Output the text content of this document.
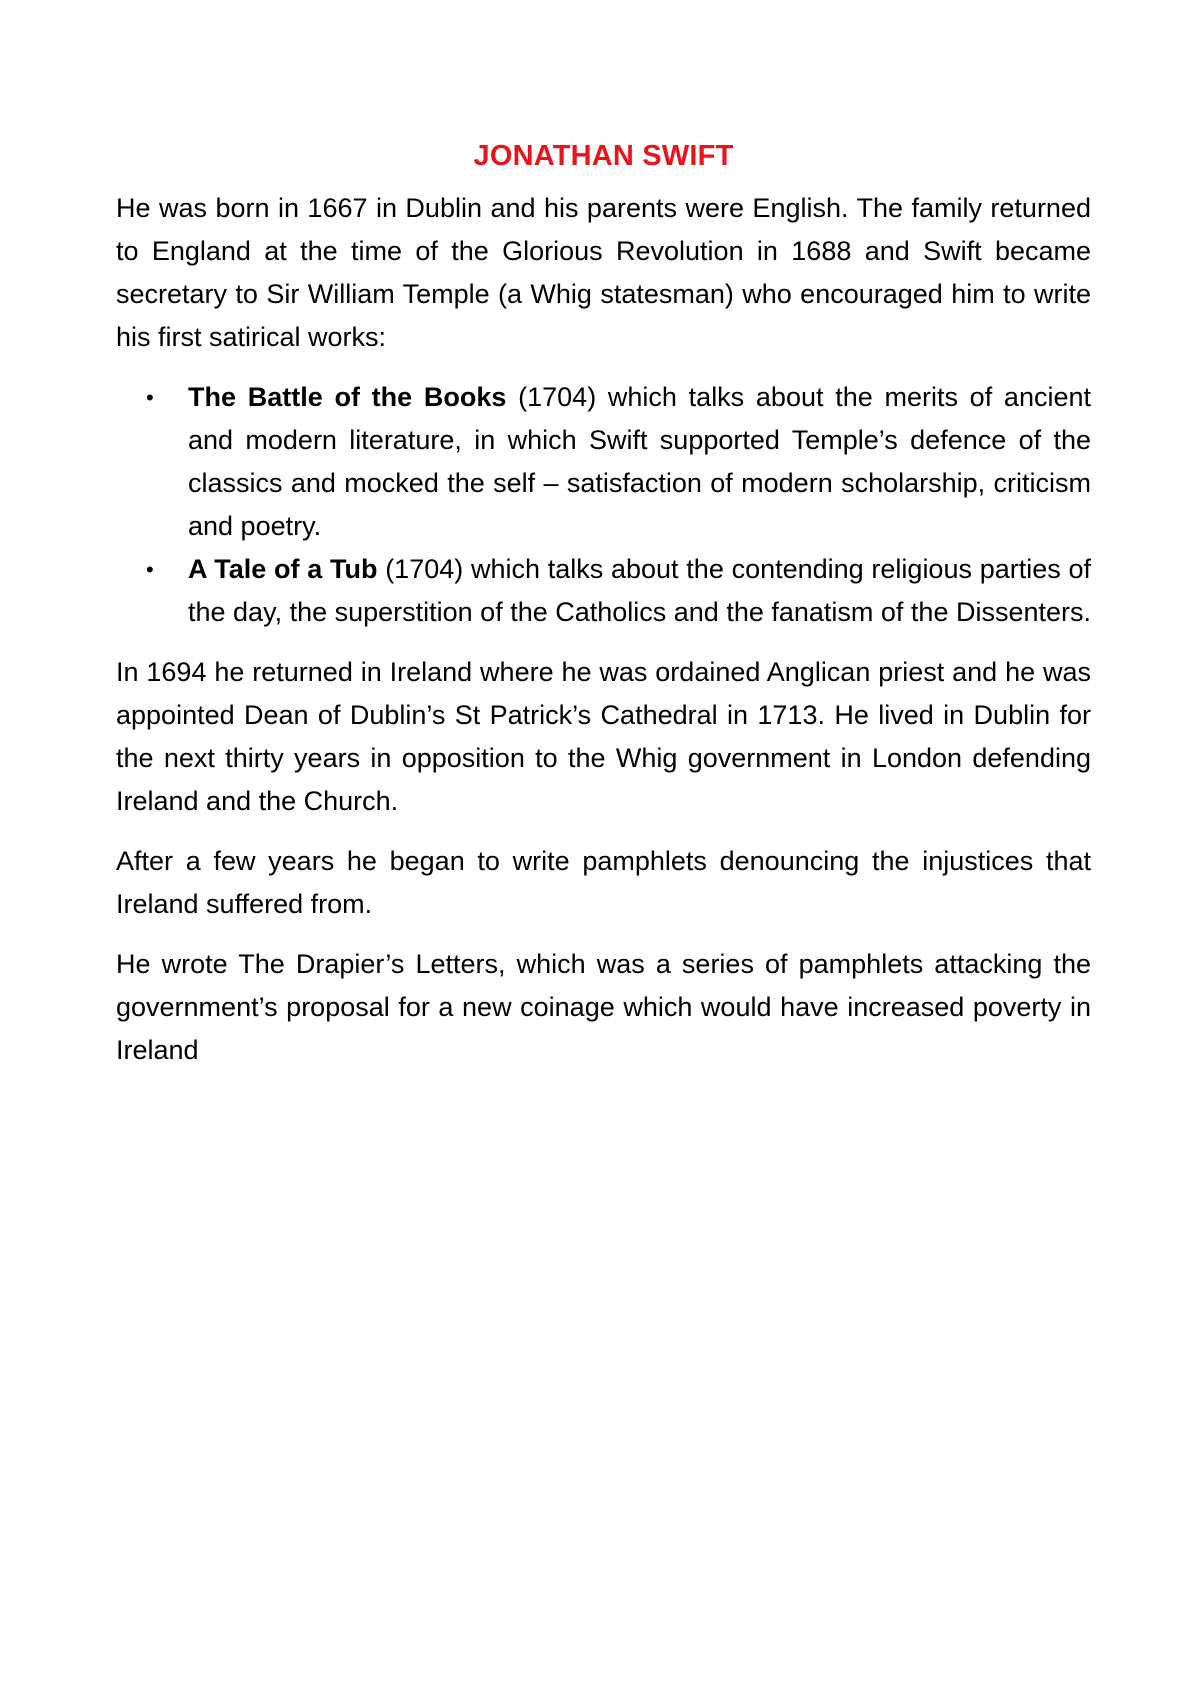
JONATHAN SWIFT

He was born in 1667 in Dublin and his parents were English. The family returned to England at the time of the Glorious Revolution in 1688 and Swift became secretary to Sir William Temple (a Whig statesman) who encouraged him to write his first satirical works:

• The Battle of the Books (1704) which talks about the merits of ancient and modern literature, in which Swift supported Temple’s defence of the classics and mocked the self – satisfaction of modern scholarship, criticism and poetry.
• A Tale of a Tub (1704) which talks about the contending religious parties of the day, the superstition of the Catholics and the fanatism of the Dissenters.

In 1694 he returned in Ireland where he was ordained Anglican priest and he was appointed Dean of Dublin’s St Patrick’s Cathedral in 1713. He lived in Dublin for the next thirty years in opposition to the Whig government in London defending Ireland and the Church.

After a few years he began to write pamphlets denouncing the injustices that Ireland suffered from.

He wrote The Drapier’s Letters, which was a series of pamphlets attacking the government’s proposal for a new coinage which would have increased poverty in Ireland
